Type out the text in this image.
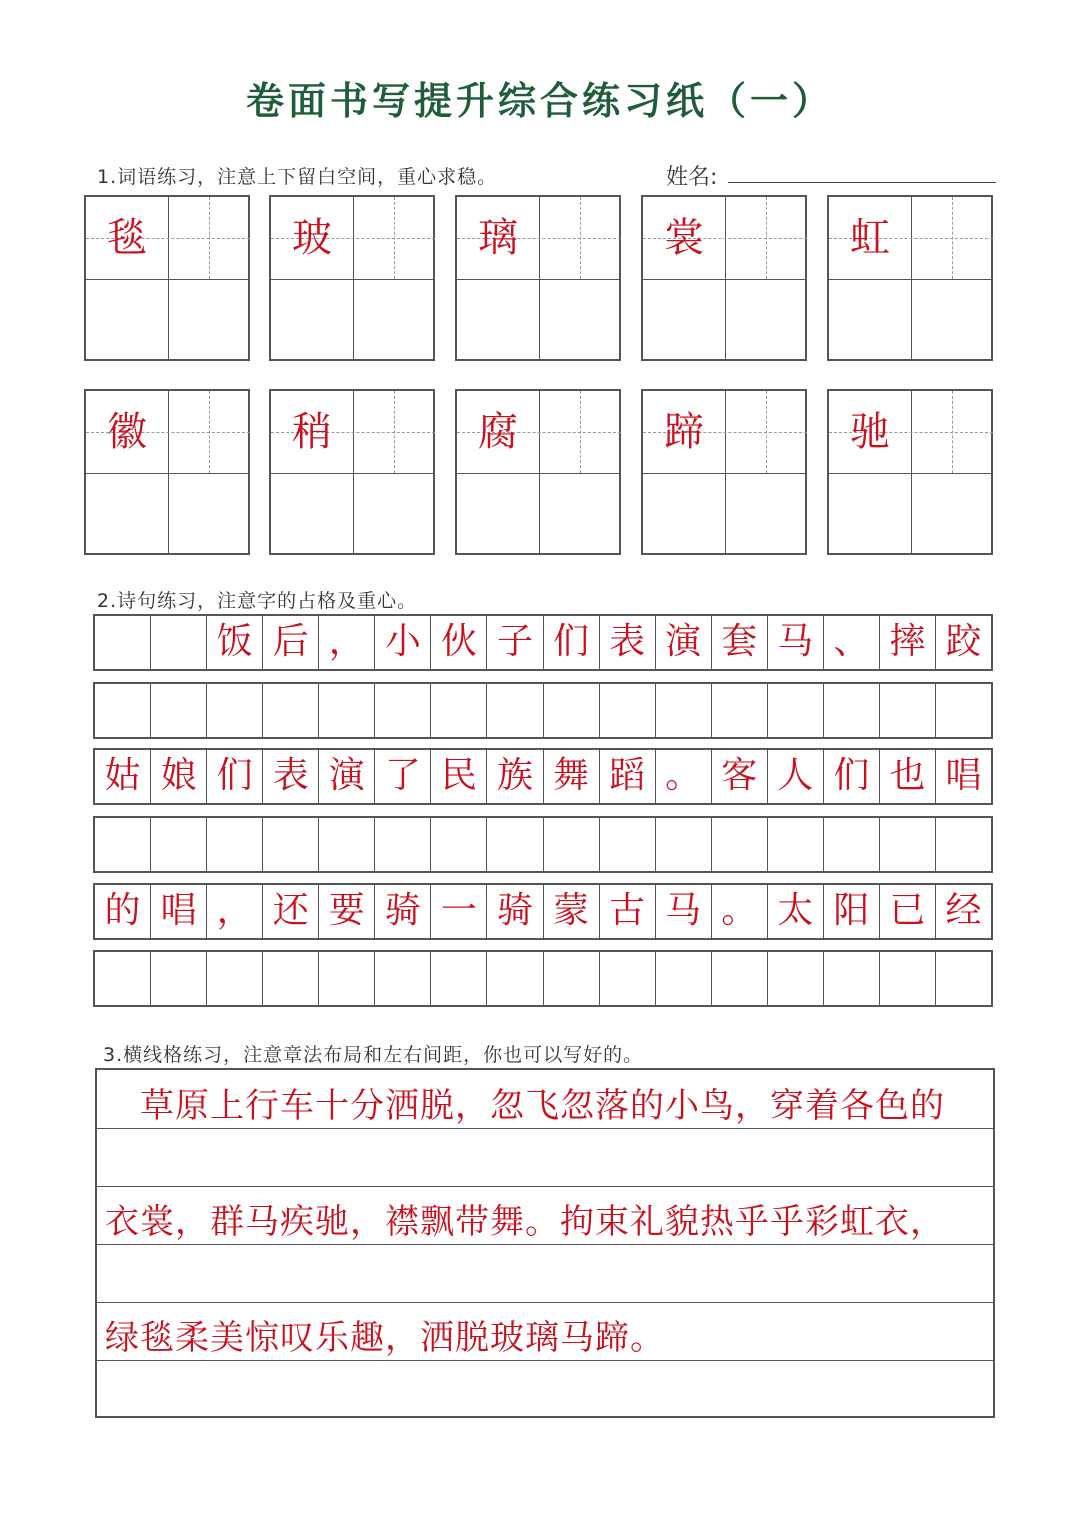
卷面书写提升综合练习纸（一）
1.词语练习，注意上下留白空间，重心求稳。	姓名:
毯	玻	璃	裳	虹
徽	稍	腐	蹄	驰
2.诗句练习，注意字的占格及重心。
饭 后 ， 小 伙 子 们 表 演 套 马 、 摔 跤
姑 娘 们 表 演 了 民 族 舞 蹈 。 客 人 们 也 唱
的 唱 ， 还 要 骑 一 骑 蒙 古 马 。 太 阳 已 经
3.横线格练习，注意章法布局和左右间距，你也可以写好的。
　草原上行车十分洒脱，忽飞忽落的小鸟，穿着各色的
衣裳，群马疾驰，襟飘带舞。拘束礼貌热乎乎彩虹衣，
绿毯柔美惊叹乐趣，洒脱玻璃马蹄。
